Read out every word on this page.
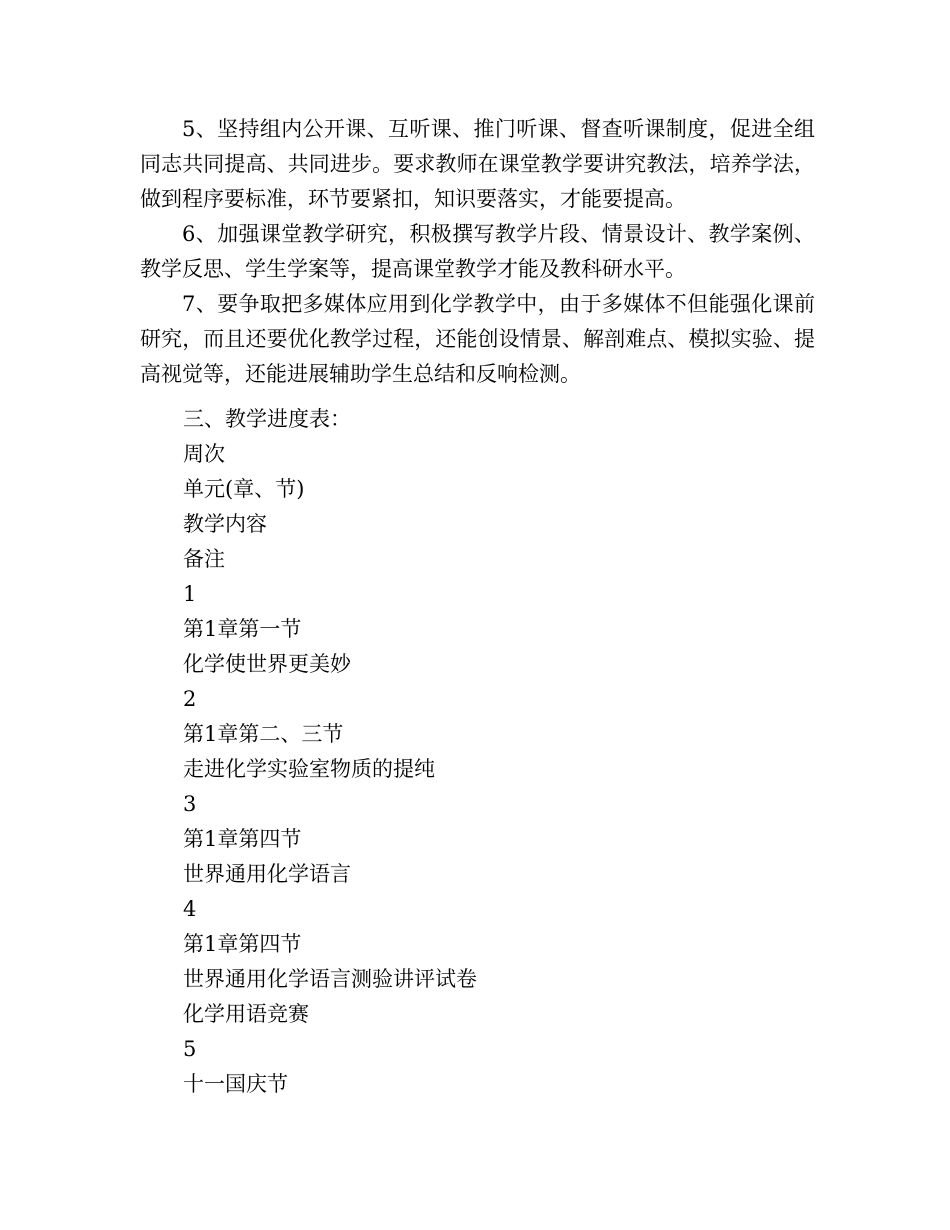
5、坚持组内公开课、互听课、推门听课、督查听课制度，促进全组同志共同提高、共同进步。要求教师在课堂教学要讲究教法，培养学法，做到程序要标准，环节要紧扣，知识要落实，才能要提高。

6、加强课堂教学研究，积极撰写教学片段、情景设计、教学案例、教学反思、学生学案等，提高课堂教学才能及教科研水平。

7、要争取把多媒体应用到化学教学中，由于多媒体不但能强化课前研究，而且还要优化教学过程，还能创设情景、解剖难点、模拟实验、提高视觉等，还能进展辅助学生总结和反响检测。

三、教学进度表：
周次
单元(章、节)
教学内容
备注
1
第1章第一节
化学使世界更美妙
2
第1章第二、三节
走进化学实验室物质的提纯
3
第1章第四节
世界通用化学语言
4
第1章第四节
世界通用化学语言测验讲评试卷
化学用语竞赛
5
十一国庆节
